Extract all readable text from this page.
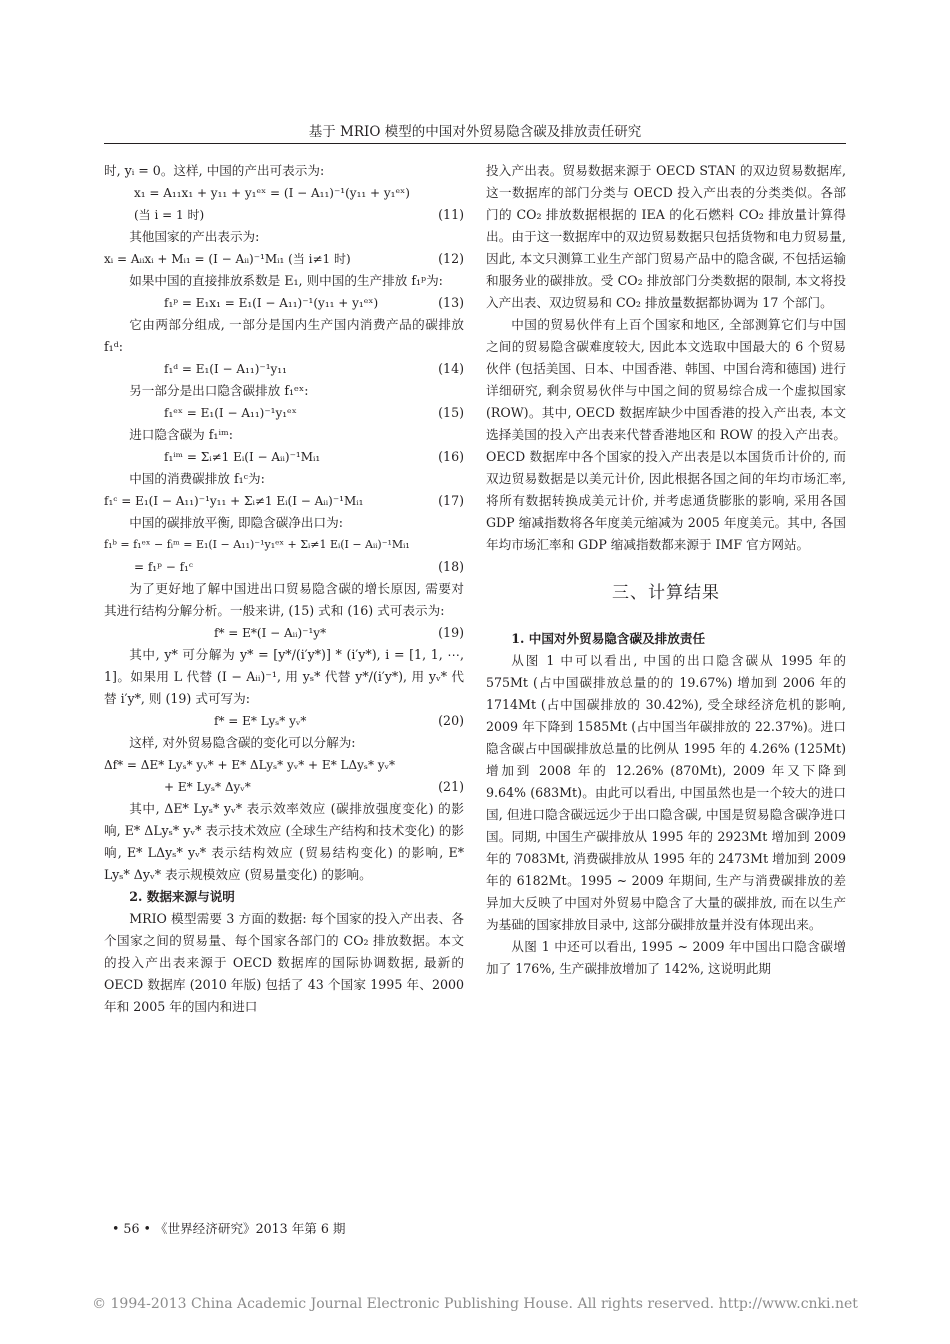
基于 MRIO 模型的中国对外贸易隐含碳及排放责任研究

时, yᵢ = 0。这样, 中国的产出可表示为:

x₁ = A₁₁x₁ + y₁₁ + y₁ᵉˣ = (I − A₁₁)⁻¹(y₁₁ + y₁ᵉˣ)
(当 i = 1 时)	(11)

其他国家的产出表示为:

xᵢ = Aᵢᵢxᵢ + Mᵢ₁ = (I − Aᵢᵢ)⁻¹Mᵢ₁ (当 i≠1 时)	(12)

如果中国的直接排放系数是 E₁, 则中国的生产排放 f₁ᵖ为:

f₁ᵖ = E₁x₁ = E₁(I − A₁₁)⁻¹(y₁₁ + y₁ᵉˣ)	(13)

它由两部分组成, 一部分是国内生产国内消费产品的碳排放 f₁ᵈ:

f₁ᵈ = E₁(I − A₁₁)⁻¹y₁₁	(14)

另一部分是出口隐含碳排放 f₁ᵉˣ:

f₁ᵉˣ = E₁(I − A₁₁)⁻¹y₁ᵉˣ	(15)

进口隐含碳为 f₁ⁱᵐ:

f₁ⁱᵐ = Σᵢ≠1 Eᵢ(I − Aᵢᵢ)⁻¹Mᵢ₁	(16)

中国的消费碳排放 f₁ᶜ为:

f₁ᶜ = E₁(I − A₁₁)⁻¹y₁₁ + Σᵢ≠1 Eᵢ(I − Aᵢᵢ)⁻¹Mᵢ₁	(17)

中国的碳排放平衡, 即隐含碳净出口为:

f₁ᵇ = f₁ᵉˣ − fᵢᵐ = E₁(I − A₁₁)⁻¹y₁ᵉˣ + Σᵢ≠1 Eᵢ(I − Aᵢᵢ)⁻¹Mᵢ₁
= f₁ᵖ − f₁ᶜ	(18)

为了更好地了解中国进出口贸易隐含碳的增长原因, 需要对其进行结构分解分析。一般来讲, (15) 式和 (16) 式可表示为:

f* = E*(I − Aᵢᵢ)⁻¹y*	(19)

其中, y* 可分解为 y* = [y*/(i′y*)] * (i′y*), i = [1, 1, ⋯, 1]。如果用 L 代替 (I − Aᵢᵢ)⁻¹, 用 yₛ* 代替 y*/(i′y*), 用 yᵥ* 代替 i′y*, 则 (19) 式可写为:

f* = E* Lyₛ* yᵥ*	(20)

这样, 对外贸易隐含碳的变化可以分解为:

Δf* = ΔE* Lyₛ* yᵥ* + E* ΔLyₛ* yᵥ* + E* LΔyₛ* yᵥ*
+ E* Lyₛ* Δyᵥ*	(21)

其中, ΔE* Lyₛ* yᵥ* 表示效率效应 (碳排放强度变化) 的影响, E* ΔLyₛ* yᵥ* 表示技术效应 (全球生产结构和技术变化) 的影响, E* LΔyₛ* yᵥ* 表示结构效应 (贸易结构变化) 的影响, E* Lyₛ* Δyᵥ* 表示规模效应 (贸易量变化) 的影响。

2. 数据来源与说明

MRIO 模型需要 3 方面的数据: 每个国家的投入产出表、各个国家之间的贸易量、每个国家各部门的 CO₂ 排放数据。本文的投入产出表来源于 OECD 数据库的国际协调数据, 最新的 OECD 数据库 (2010 年版) 包括了 43 个国家 1995 年、2000 年和 2005 年的国内和进口

投入产出表。贸易数据来源于 OECD STAN 的双边贸易数据库, 这一数据库的部门分类与 OECD 投入产出表的分类类似。各部门的 CO₂ 排放数据根据的 IEA 的化石燃料 CO₂ 排放量计算得出。由于这一数据库中的双边贸易数据只包括货物和电力贸易量, 因此, 本文只测算工业生产部门贸易产品中的隐含碳, 不包括运输和服务业的碳排放。受 CO₂ 排放部门分类数据的限制, 本文将投入产出表、双边贸易和 CO₂ 排放量数据都协调为 17 个部门。

中国的贸易伙伴有上百个国家和地区, 全部测算它们与中国之间的贸易隐含碳难度较大, 因此本文选取中国最大的 6 个贸易伙伴 (包括美国、日本、中国香港、韩国、中国台湾和德国) 进行详细研究, 剩余贸易伙伴与中国之间的贸易综合成一个虚拟国家 (ROW)。其中, OECD 数据库缺少中国香港的投入产出表, 本文选择美国的投入产出表来代替香港地区和 ROW 的投入产出表。OECD 数据库中各个国家的投入产出表是以本国货币计价的, 而双边贸易数据是以美元计价, 因此根据各国之间的年均市场汇率, 将所有数据转换成美元计价, 并考虑通货膨胀的影响, 采用各国 GDP 缩减指数将各年度美元缩减为 2005 年度美元。其中, 各国年均市场汇率和 GDP 缩减指数都来源于 IMF 官方网站。

三、计算结果

1. 中国对外贸易隐含碳及排放责任

从图 1 中可以看出, 中国的出口隐含碳从 1995 年的 575Mt (占中国碳排放总量的的 19.67%) 增加到 2006 年的 1714Mt (占中国碳排放的 30.42%), 受全球经济危机的影响, 2009 年下降到 1585Mt (占中国当年碳排放的 22.37%)。进口隐含碳占中国碳排放总量的比例从 1995 年的 4.26% (125Mt) 增加到 2008 年的 12.26% (870Mt), 2009 年又下降到 9.64% (683Mt)。由此可以看出, 中国虽然也是一个较大的进口国, 但进口隐含碳远远少于出口隐含碳, 中国是贸易隐含碳净进口国。同期, 中国生产碳排放从 1995 年的 2923Mt 增加到 2009 年的 7083Mt, 消费碳排放从 1995 年的 2473Mt 增加到 2009 年的 6182Mt。1995 ~ 2009 年期间, 生产与消费碳排放的差异加大反映了中国对外贸易中隐含了大量的碳排放, 而在以生产为基础的国家排放目录中, 这部分碳排放量并没有体现出来。

从图 1 中还可以看出, 1995 ~ 2009 年中国出口隐含碳增加了 176%, 生产碳排放增加了 142%, 这说明此期

• 56 • 《世界经济研究》2013 年第 6 期
© 1994-2013 China Academic Journal Electronic Publishing House. All rights reserved. http://www.cnki.net
